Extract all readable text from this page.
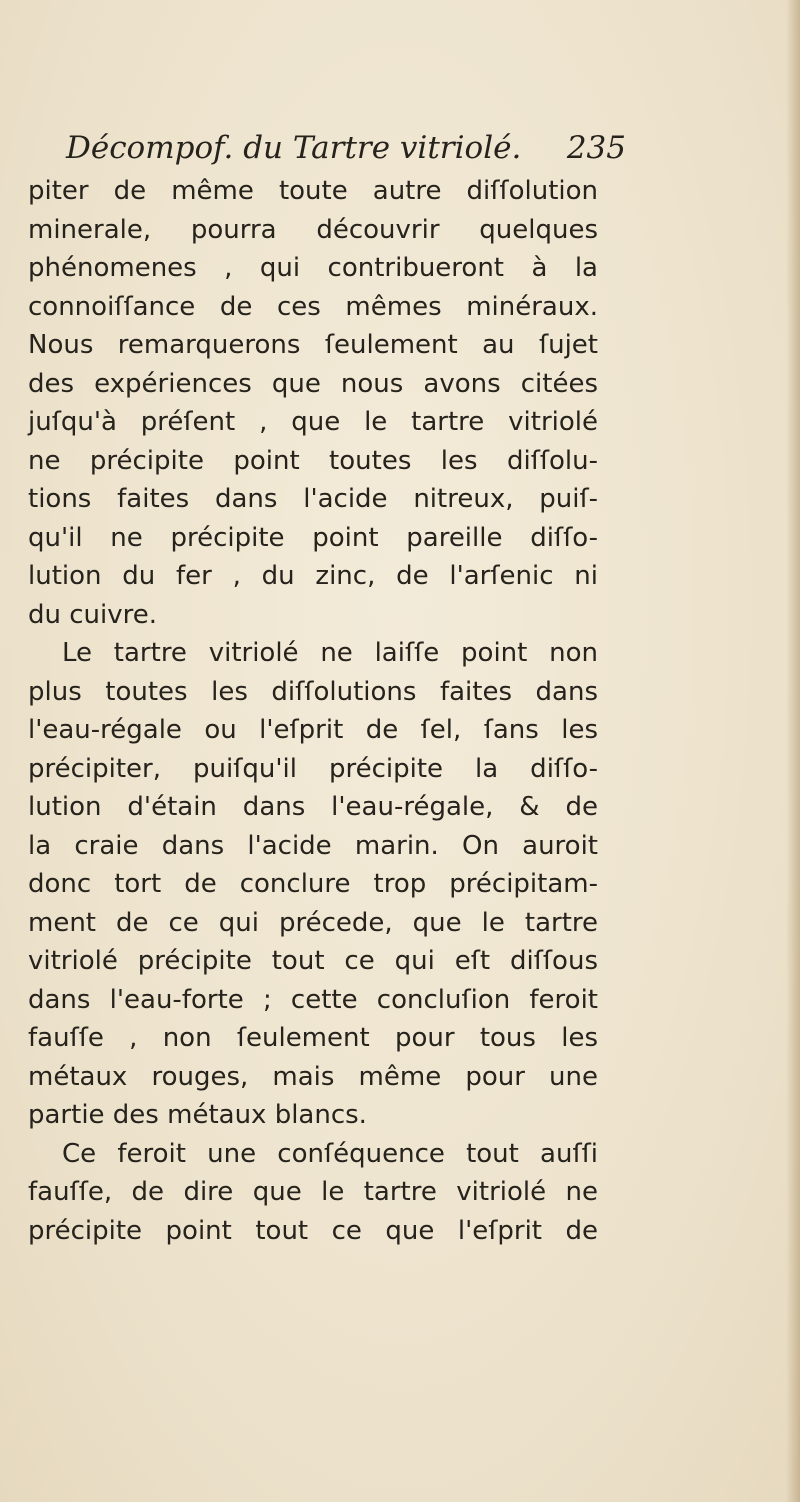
Décompof. du Tartre vitriolé. 235
piter de même toute autre diſſolution
minerale, pourra découvrir quelques
phénomenes , qui contribueront à la
connoiſſance de ces mêmes minéraux.
Nous remarquerons ſeulement au ſujet
des expériences que nous avons citées
juſqu'à préſent , que le tartre vitriolé
ne précipite point toutes les diſſolu-
tions faites dans l'acide nitreux, puiſ-
qu'il ne précipite point pareille diſſo-
lution du fer , du zinc, de l'arſenic ni
du cuivre.
Le tartre vitriolé ne laiſſe point non
plus toutes les diſſolutions faites dans
l'eau-régale ou l'eſprit de ſel, ſans les
précipiter, puiſqu'il précipite la diſſo-
lution d'étain dans l'eau-régale, & de
la craie dans l'acide marin. On auroit
donc tort de conclure trop précipitam-
ment de ce qui précede, que le tartre
vitriolé précipite tout ce qui eſt diſſous
dans l'eau-forte ; cette concluſion feroit
fauſſe , non ſeulement pour tous les
métaux rouges, mais même pour une
partie des métaux blancs.
Ce feroit une conſéquence tout auſſi
fauſſe, de dire que le tartre vitriolé ne
précipite point tout ce que l'eſprit de
